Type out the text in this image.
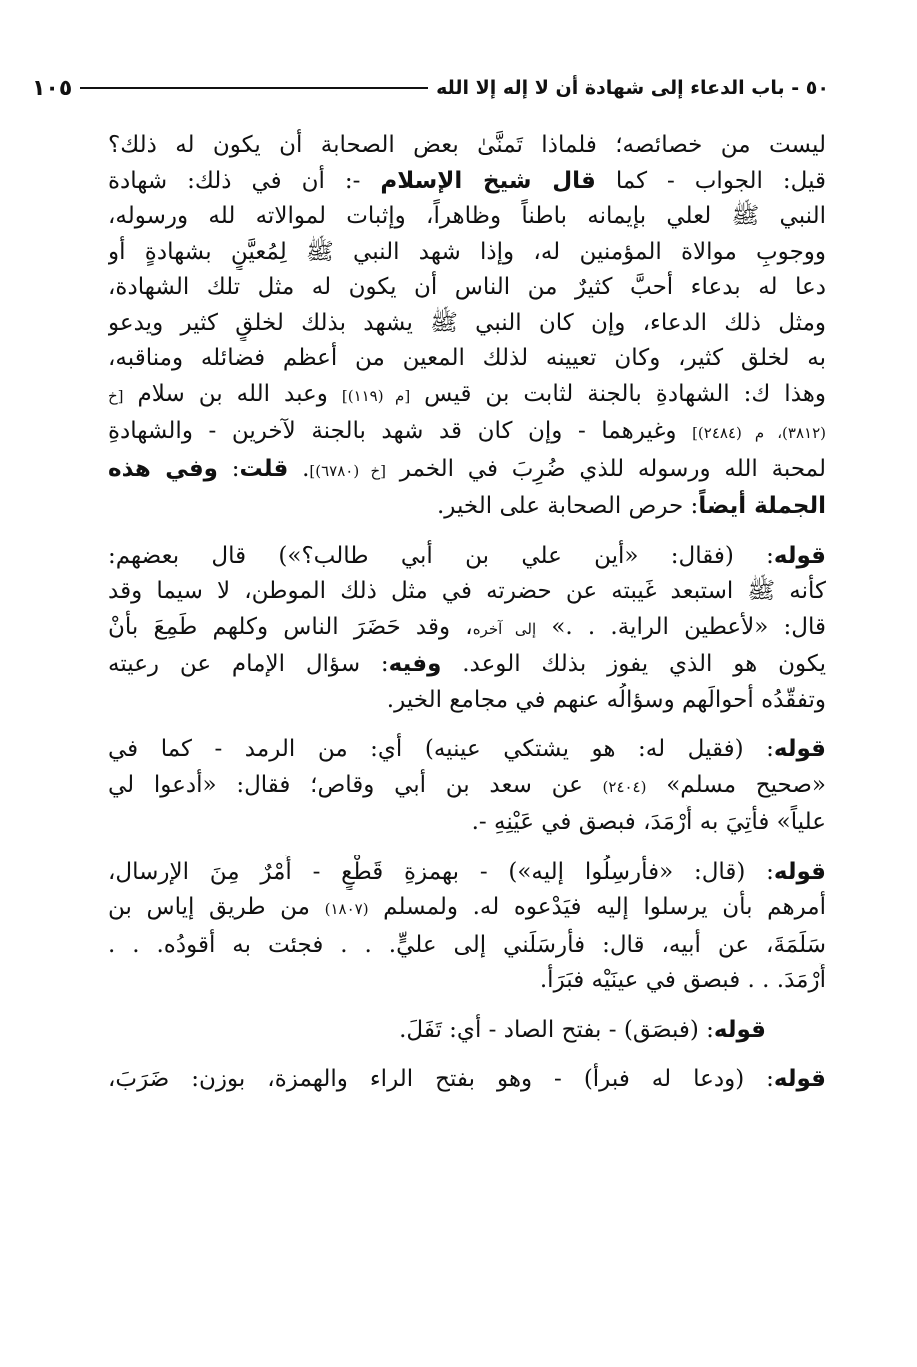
٥٠ - باب الدعاء إلى شهادة أن لا إله إلا الله
١٠٥
ليست من خصائصه؛ فلماذا تَمنَّىٰ بعض الصحابة أن يكون له ذلك؟
قيل: الجواب - كما قال شيخ الإسلام -: أن في ذلك: شهادة
النبي ﷺ لعلي بإيمانه باطناً وظاهراً، وإثبات لموالاته لله ورسوله،
ووجوبِ موالاة المؤمنين له، وإذا شهد النبي ﷺ لِمُعيَّنٍ بشهادةٍ أو
دعا له بدعاء أحبَّ كثيرٌ من الناس أن يكون له مثل تلك الشهادة،
ومثل ذلك الدعاء، وإن كان النبي ﷺ يشهد بذلك لخلقٍ كثير ويدعو
به لخلق كثير، وكان تعيينه لذلك المعين من أعظم فضائله ومناقبه،
وهذا ك: الشهادةِ بالجنة لثابت بن قيس [م (١١٩)] وعبد الله بن سلام [خ
(٣٨١٢)، م (٢٤٨٤)] وغيرهما - وإن كان قد شهد بالجنة لآخرين - والشهادةِ
لمحبة الله ورسوله للذي ضُرِبَ في الخمر [خ (٦٧٨٠)]. قلت: وفي هذه
الجملة أيضاً: حرص الصحابة على الخير.
قوله: (فقال: «أين علي بن أبي طالب؟») قال بعضهم:
كأنه ﷺ استبعد غَيبته عن حضرته في مثل ذلك الموطن، لا سيما وقد
قال: «لأعطين الراية. . .» إلى آخره، وقد حَضَرَ الناس وكلهم طَمِعَ بأنْ
يكون هو الذي يفوز بذلك الوعد. وفيه: سؤال الإمام عن رعيته
وتفقّدُه أحوالَهم وسؤالُه عنهم في مجامع الخير.
قوله: (فقيل له: هو يشتكي عينيه) أي: من الرمد - كما في
«صحيح مسلم» (٢٤٠٤) عن سعد بن أبي وقاص؛ فقال: «أدعوا لي
علياً» فأُتِيَ به أَرْمَدَ، فبصق في عَيْنِهِ -.
قوله: (قال: «فأرسِلُوا إليه») - بهمزةِ قَطْعٍ - أَمْرٌ مِنَ الإرسال،
أمرهم بأن يرسلوا إليه فيَدْعوه له. ولمسلم (١٨٠٧) من طريق إياس بن
سَلَمَةَ، عن أبيه، قال: فأرسَلَني إلى عليٍّ. . . فجئت به أقودُه. . .
أَرْمَدَ. . . فبصق في عينَيْه فبَرَأ.
قوله: (فبصَق) - بفتح الصاد - أي: تَفَلَ.
قوله: (ودعا له فبرأ) - وهو بفتح الراء والهمزة، بوزن: ضَرَبَ،
